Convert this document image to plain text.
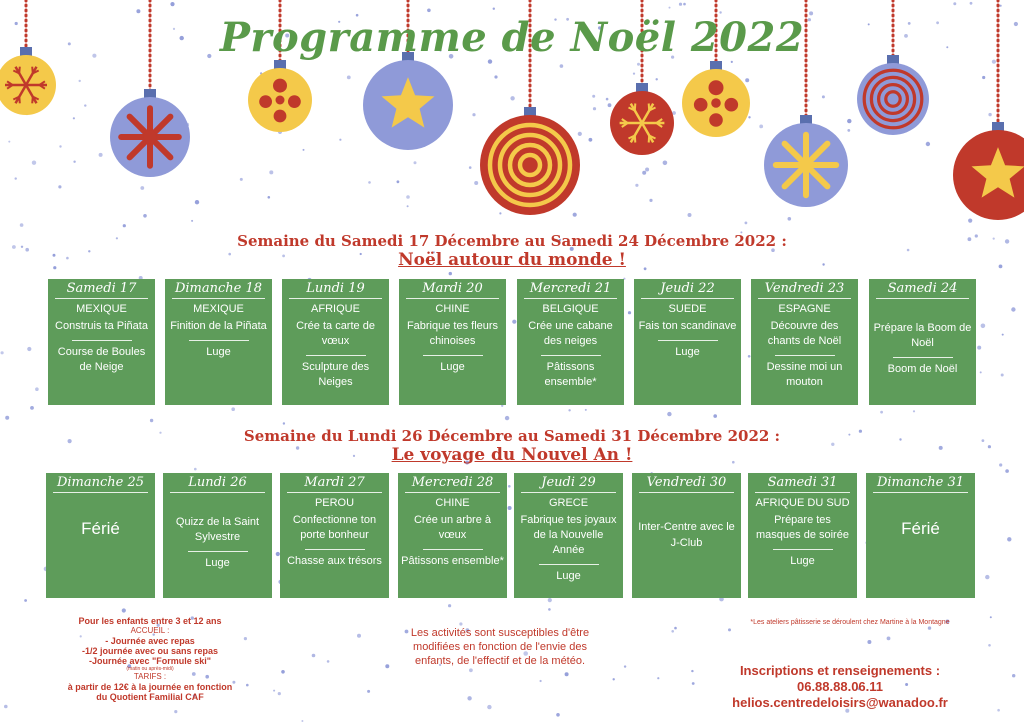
Programme de Noël 2022
Semaine du Samedi 17 Décembre au Samedi 24 Décembre 2022 :
Noël autour du monde !
Samedi 17
MEXIQUE
Construis ta Piñata
Course de Boules de Neige
Dimanche 18
MEXIQUE
Finition de la Piñata
Luge
Lundi 19
AFRIQUE
Crée ta carte de vœux
Sculpture des Neiges
Mardi 20
CHINE
Fabrique tes fleurs chinoises
Luge
Mercredi 21
BELGIQUE
Crée une cabane des neiges
Pâtissons ensemble*
Jeudi 22
SUEDE
Fais ton scandinave
Luge
Vendredi 23
ESPAGNE
Découvre des chants de Noël
Dessine moi un mouton
Samedi 24
Prépare la Boom de Noël
Boom de Noël
Semaine du Lundi 26 Décembre au Samedi 31 Décembre 2022 :
Le voyage du Nouvel An !
Dimanche 25
Férié
Lundi 26
Quizz de la Saint Sylvestre
Luge
Mardi 27
PEROU
Confectionne ton porte bonheur
Chasse aux trésors
Mercredi 28
CHINE
Crée un arbre à vœux
Pâtissons ensemble*
Jeudi 29
GRECE
Fabrique tes joyaux de la Nouvelle Année
Luge
Vendredi 30
Inter-Centre avec le J-Club
Samedi 31
AFRIQUE DU SUD
Prépare tes masques de soirée
Luge
Dimanche 31
Férié
Pour les enfants entre 3 et 12 ans
ACCUEIL :
- Journée avec repas
-1/2 journée avec ou sans repas
-Journée avec "Formule ski"
(matin ou après-midi)
TARIFS :
à partir de 12€ à la journée en fonction
du Quotient Familial CAF
Les activités sont susceptibles d'être modifiées en fonction de l'envie des enfants, de l'effectif et de la météo.
*Les ateliers pâtisserie se déroulent chez Martine à la Montagne
Inscriptions et renseignements :
06.88.88.06.11
helios.centredeloisirs@wanadoo.fr
